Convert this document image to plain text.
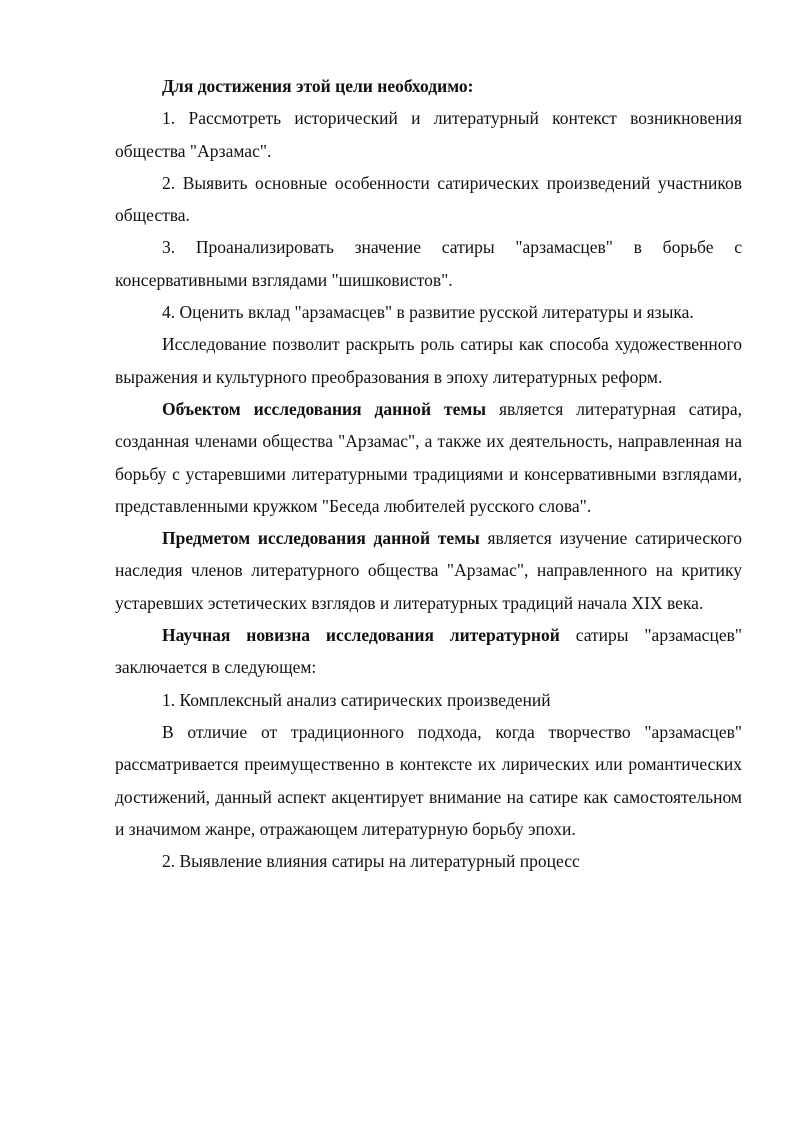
Для достижения этой цели необходимо:

1. Рассмотреть исторический и литературный контекст возникновения общества "Арзамас".

2. Выявить основные особенности сатирических произведений участников общества.

3. Проанализировать значение сатиры "арзамасцев" в борьбе с консервативными взглядами "шишковистов".

4. Оценить вклад "арзамасцев" в развитие русской литературы и языка.

Исследование позволит раскрыть роль сатиры как способа художественного выражения и культурного преобразования в эпоху литературных реформ.

Объектом исследования данной темы является литературная сатира, созданная членами общества "Арзамас", а также их деятельность, направленная на борьбу с устаревшими литературными традициями и консервативными взглядами, представленными кружком "Беседа любителей русского слова".

Предметом исследования данной темы является изучение сатирического наследия членов литературного общества "Арзамас", направленного на критику устаревших эстетических взглядов и литературных традиций начала XIX века.

Научная новизна исследования литературной сатиры "арзамасцев" заключается в следующем:

1. Комплексный анализ сатирических произведений

В отличие от традиционного подхода, когда творчество "арзамасцев" рассматривается преимущественно в контексте их лирических или романтических достижений, данный аспект акцентирует внимание на сатире как самостоятельном и значимом жанре, отражающем литературную борьбу эпохи.

2. Выявление влияния сатиры на литературный процесс
